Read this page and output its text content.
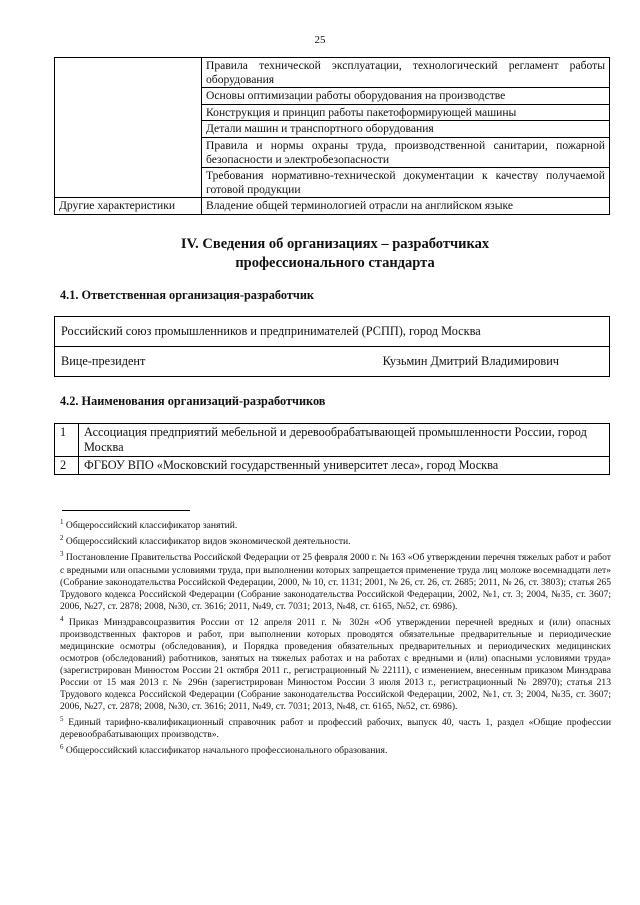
25
	Правила технической эксплуатации, технологический регламент работы оборудования
	Основы оптимизации работы оборудования на производстве
	Конструкция и принцип работы пакетоформирующей машины
	Детали машин и транспортного оборудования
	Правила и нормы охраны труда, производственной санитарии, пожарной безопасности и электробезопасности
	Требования нормативно-технической документации к качеству получаемой готовой продукции
Другие характеристики	Владение общей терминологией отрасли на английском языке
IV. Сведения об организациях – разработчиках
профессионального стандарта
4.1. Ответственная организация-разработчик
Российский союз промышленников и предпринимателей (РСПП), город Москва

Вице-президент	Кузьмин Дмитрий Владимирович
4.2. Наименования организаций-разработчиков
1	Ассоциация предприятий мебельной и деревообрабатывающей промышленности России, город Москва
2	ФГБОУ ВПО «Московский государственный университет леса», город Москва

$^1$ Общероссийский классификатор занятий.

$^2$ Общероссийский классификатор видов экономической деятельности.

$^3$ Постановление Правительства Российской Федерации от 25 февраля 2000 г. № 163 «Об утверждении перечня тяжелых работ и работ с вредными или опасными условиями труда, при выполнении которых запрещается применение труда лиц моложе восемнадцати лет» (Собрание законодательства Российской Федерации, 2000, № 10, ст. 1131; 2001, № 26, ст. 26, ст. 2685; 2011, № 26, ст. 3803); статья 265 Трудового кодекса Российской Федерации (Собрание законодательства Российской Федерации, 2002, №1, ст. 3; 2004, №35, ст. 3607; 2006, №27, ст. 2878; 2008, №30, ст. 3616; 2011, №49, ст. 7031; 2013, №48, ст. 6165, №52, ст. 6986).

$^4$ Приказ Минздравсоцразвития России от 12 апреля 2011 г. № 302н «Об утверждении перечней вредных и (или) опасных производственных факторов и работ, при выполнении которых проводятся обязательные предварительные и периодические медицинские осмотры (обследования), и Порядка проведения обязательных предварительных и периодических медицинских осмотров (обследований) работников, занятых на тяжелых работах и на работах с вредными и (или) опасными условиями труда» (зарегистрирован Минюстом России 21 октября 2011 г., регистрационный № 22111), с изменением, внесенным приказом Минздрава России от 15 мая 2013 г. № 296н (зарегистрирован Минюстом России 3 июля 2013 г., регистрационный № 28970); статья 213 Трудового кодекса Российской Федерации (Собрание законодательства Российской Федерации, 2002, №1, ст. 3; 2004, №35, ст. 3607; 2006, №27, ст. 2878; 2008, №30, ст. 3616; 2011, №49, ст. 7031; 2013, №48, ст. 6165, №52, ст. 6986).

$^5$ Единый тарифно-квалификационный справочник работ и профессий рабочих, выпуск 40, часть 1, раздел «Общие профессии деревообрабатывающих производств».

$^6$ Общероссийский классификатор начального профессионального образования.
